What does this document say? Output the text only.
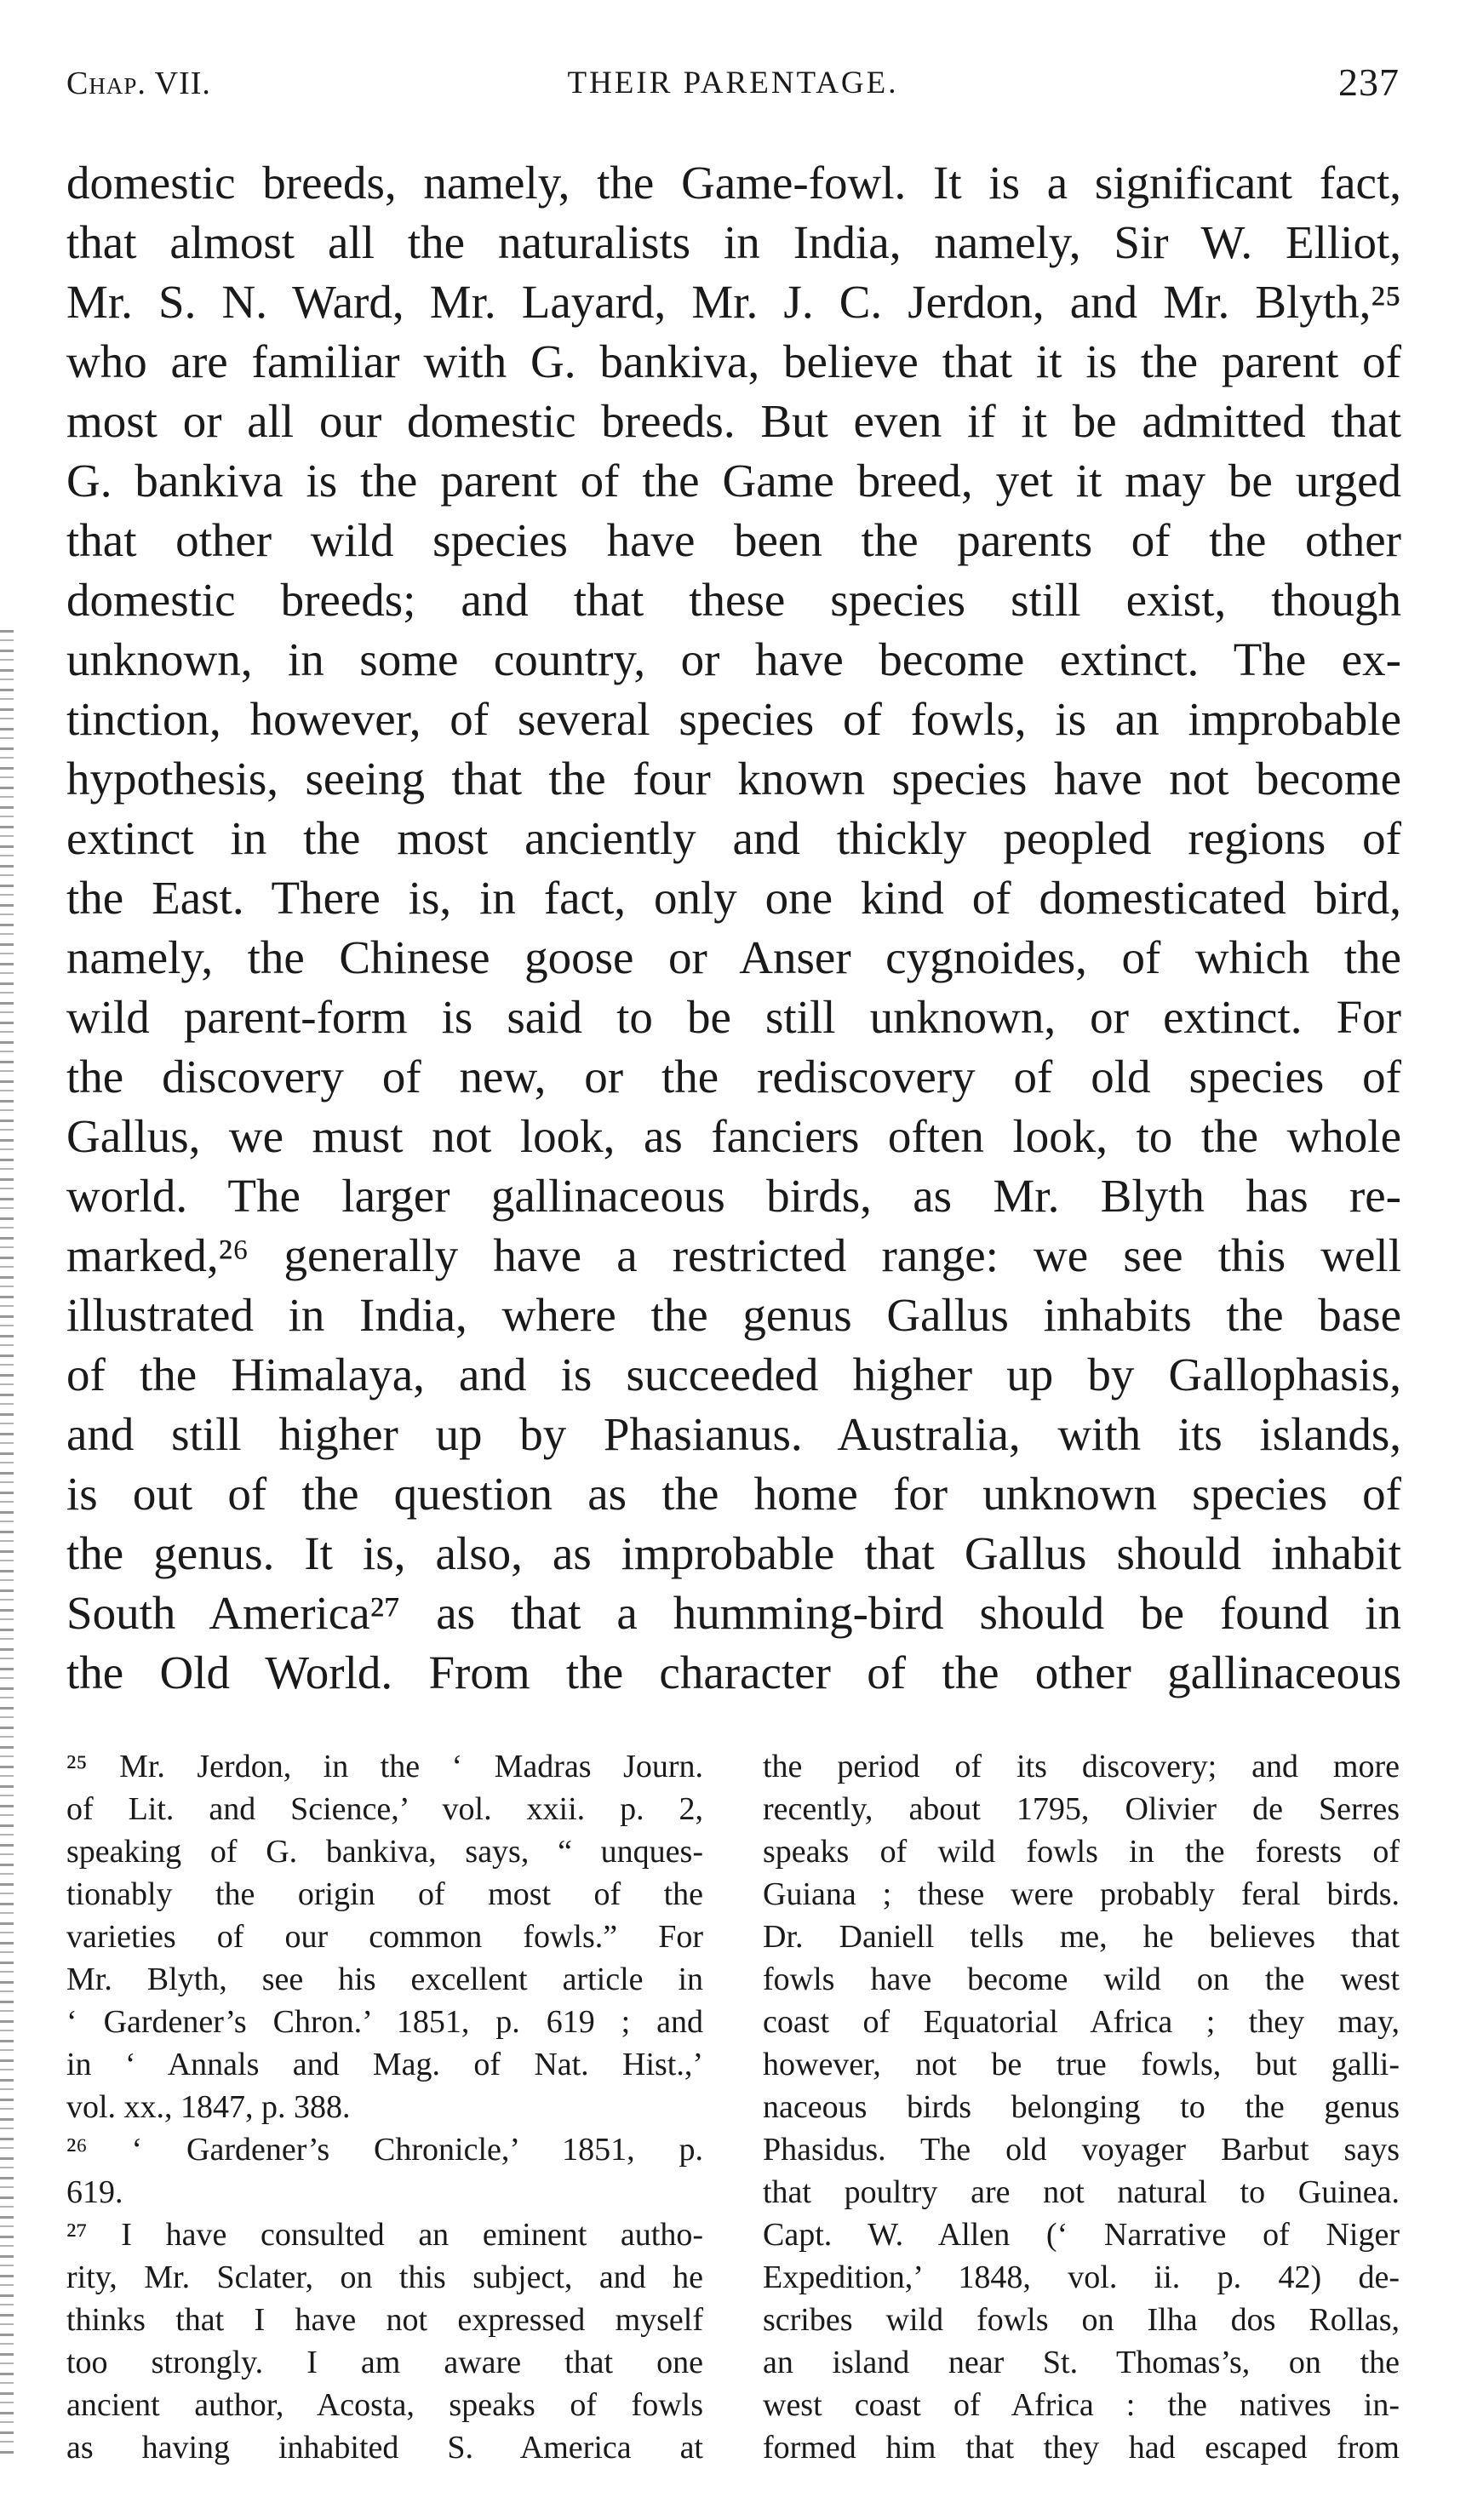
Chap. VII.	THEIR PARENTAGE.	237
domestic breeds, namely, the Game-fowl. It is a significant fact,
that almost all the naturalists in India, namely, Sir W. Elliot,
Mr. S. N. Ward, Mr. Layard, Mr. J. C. Jerdon, and Mr. Blyth,²⁵
who are familiar with G. bankiva, believe that it is the parent of
most or all our domestic breeds. But even if it be admitted that
G. bankiva is the parent of the Game breed, yet it may be urged
that other wild species have been the parents of the other
domestic breeds; and that these species still exist, though
unknown, in some country, or have become extinct. The ex-
tinction, however, of several species of fowls, is an improbable
hypothesis, seeing that the four known species have not become
extinct in the most anciently and thickly peopled regions of
the East. There is, in fact, only one kind of domesticated bird,
namely, the Chinese goose or Anser cygnoides, of which the
wild parent-form is said to be still unknown, or extinct. For
the discovery of new, or the rediscovery of old species of
Gallus, we must not look, as fanciers often look, to the whole
world. The larger gallinaceous birds, as Mr. Blyth has re-
marked,²⁶ generally have a restricted range: we see this well
illustrated in India, where the genus Gallus inhabits the base
of the Himalaya, and is succeeded higher up by Gallophasis,
and still higher up by Phasianus. Australia, with its islands,
is out of the question as the home for unknown species of
the genus. It is, also, as improbable that Gallus should inhabit
South America²⁷ as that a humming-bird should be found in
the Old World. From the character of the other gallinaceous
²⁵ Mr. Jerdon, in the ‘ Madras Journ.
of Lit. and Science,’ vol. xxii. p. 2,
speaking of G. bankiva, says, “ unques-
tionably the origin of most of the
varieties of our common fowls.” For
Mr. Blyth, see his excellent article in
‘ Gardener’s Chron.’ 1851, p. 619 ; and
in ‘ Annals and Mag. of Nat. Hist.,’
vol. xx., 1847, p. 388.
²⁶ ‘ Gardener’s Chronicle,’ 1851, p.
619.
²⁷ I have consulted an eminent autho-
rity, Mr. Sclater, on this subject, and he
thinks that I have not expressed myself
too strongly. I am aware that one
ancient author, Acosta, speaks of fowls
as having inhabited S. America at
the period of its discovery; and more
recently, about 1795, Olivier de Serres
speaks of wild fowls in the forests of
Guiana ; these were probably feral birds.
Dr. Daniell tells me, he believes that
fowls have become wild on the west
coast of Equatorial Africa ; they may,
however, not be true fowls, but galli-
naceous birds belonging to the genus
Phasidus. The old voyager Barbut says
that poultry are not natural to Guinea.
Capt. W. Allen (‘ Narrative of Niger
Expedition,’ 1848, vol. ii. p. 42) de-
scribes wild fowls on Ilha dos Rollas,
an island near St. Thomas’s, on the
west coast of Africa : the natives in-
formed him that they had escaped from
